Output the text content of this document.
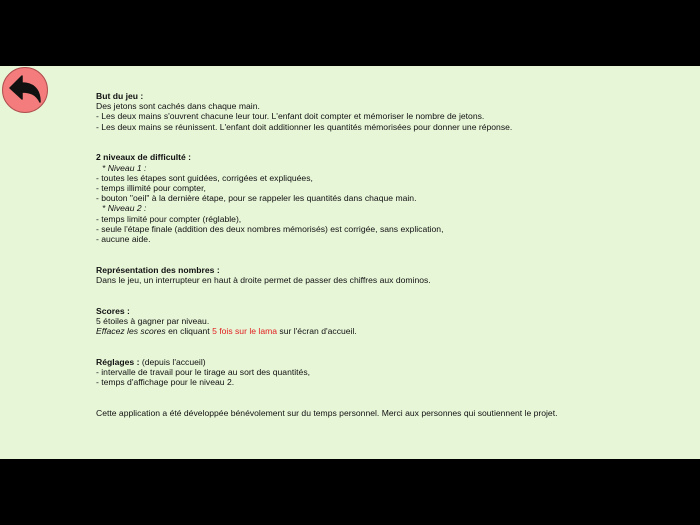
But du jeu :
Des jetons sont cachés dans chaque main.
- Les deux mains s'ouvrent chacune leur tour. L'enfant doit compter et mémoriser le nombre de jetons.
- Les deux mains se réunissent. L'enfant doit additionner les quantités mémorisées pour donner une réponse.
2 niveaux de difficulté :
* Niveau 1 :
- toutes les étapes sont guidées, corrigées et expliquées,
- temps illimité pour compter,
- bouton "oeil" à la dernière étape, pour se rappeler les quantités dans chaque main.
* Niveau 2 :
- temps limité pour compter (réglable),
- seule l'étape finale (addition des deux nombres mémorisés) est corrigée, sans explication,
- aucune aide.
Représentation des nombres :
Dans le jeu, un interrupteur en haut à droite permet de passer des chiffres aux dominos.
Scores :
5 étoiles à gagner par niveau.
Effacez les scores en cliquant 5 fois sur le lama sur l'écran d'accueil.
Réglages : (depuis l'accueil)
- intervalle de travail pour le tirage au sort des quantités,
- temps d'affichage pour le niveau 2.
Cette application a été développée bénévolement sur du temps personnel. Merci aux personnes qui soutiennent le projet.
